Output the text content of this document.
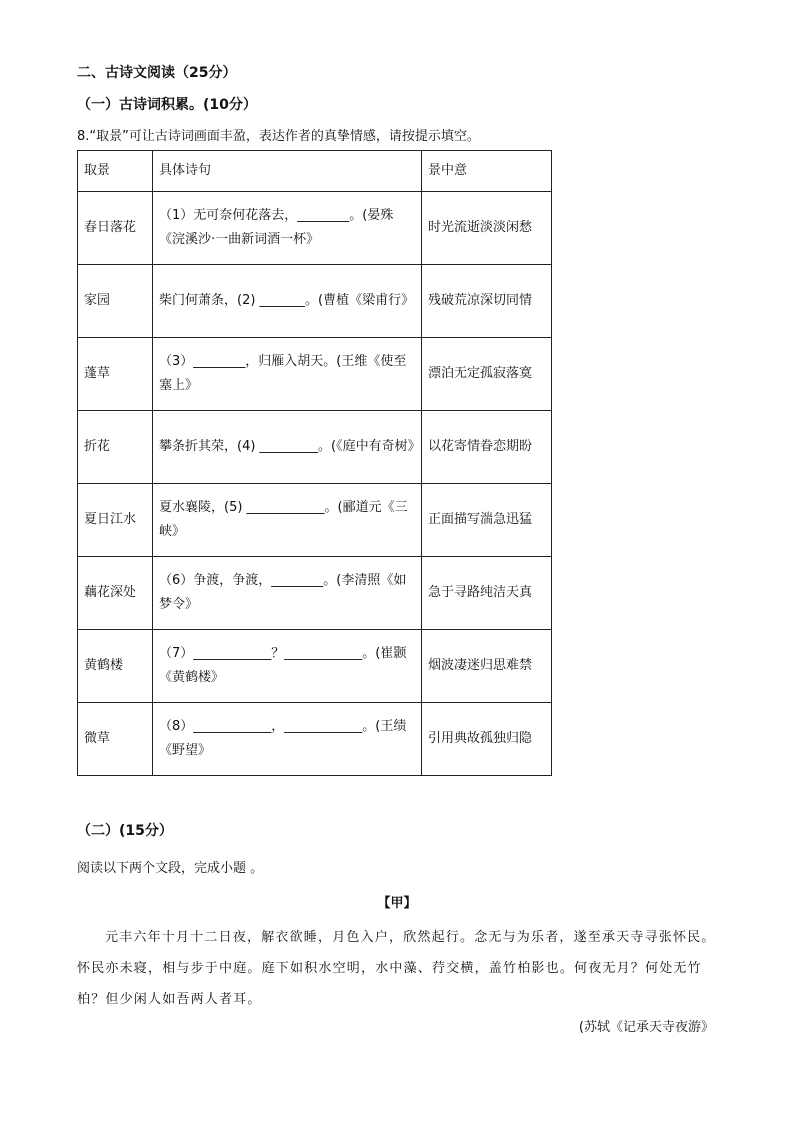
二、古诗文阅读（25分）
（一）古诗词积累。(10分）
8.“取景”可让古诗词画面丰盈，表达作者的真挚情感，请按提示填空。
取景	具体诗句	景中意
春日落花	（1）无可奈何花落去，________。(晏殊《浣溪沙·一曲新词酒一杯》	时光流逝淡淡闲愁
家园	柴门何萧条，(2) _______。(曹植《梁甫行》	残破荒凉深切同情
蓬草	（3）________，归雁入胡天。(王维《使至塞上》	漂泊无定孤寂落寞
折花	攀条折其荣，(4) _________。(《庭中有奇树》	以花寄情眷恋期盼
夏日江水	夏水襄陵，(5) ____________。(郦道元《三峡》	正面描写湍急迅猛
藕花深处	（6）争渡，争渡，________。(李清照《如梦令》	急于寻路纯洁天真
黄鹤楼	（7）____________？____________。(崔颢《黄鹤楼》	烟波凄迷归思难禁
微草	（8）____________，____________。(王绩《野望》	引用典故孤独归隐
（二）(15分）
阅读以下两个文段，完成小题 。
【甲】
元丰六年十月十二日夜，解衣欲睡，月色入户，欣然起行。念无与为乐者，遂至承天寺寻张怀民。怀民亦未寝，相与步于中庭。庭下如积水空明，水中藻、荇交横，盖竹柏影也。何夜无月？何处无竹柏？但少闲人如吾两人者耳。
(苏轼《记承天寺夜游》
